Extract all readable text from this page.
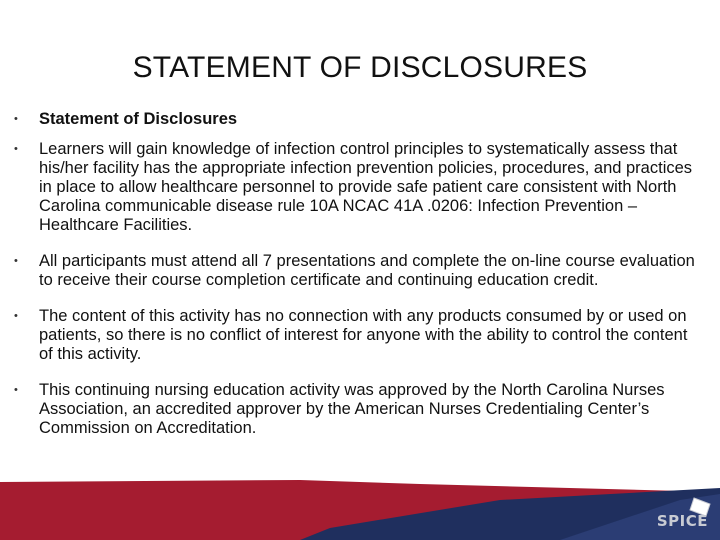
STATEMENT OF DISCLOSURES
• Statement of Disclosures
• Learners will gain knowledge of infection control principles to systematically assess that his/her facility has the appropriate infection prevention policies, procedures, and practices in place to allow healthcare personnel to provide safe patient care consistent with North Carolina communicable disease rule 10A NCAC 41A .0206: Infection Prevention – Healthcare Facilities.
• All participants must attend all 7 presentations and complete the on-line course evaluation to receive their course completion certificate and continuing education credit.
• The content of this activity has no connection with any products consumed by or used on patients, so there is no conflict of interest for anyone with the ability to control the content of this activity.
• This continuing nursing education activity was approved by the North Carolina Nurses Association, an accredited approver by the American Nurses Credentialing Center’s Commission on Accreditation.
SPICE
